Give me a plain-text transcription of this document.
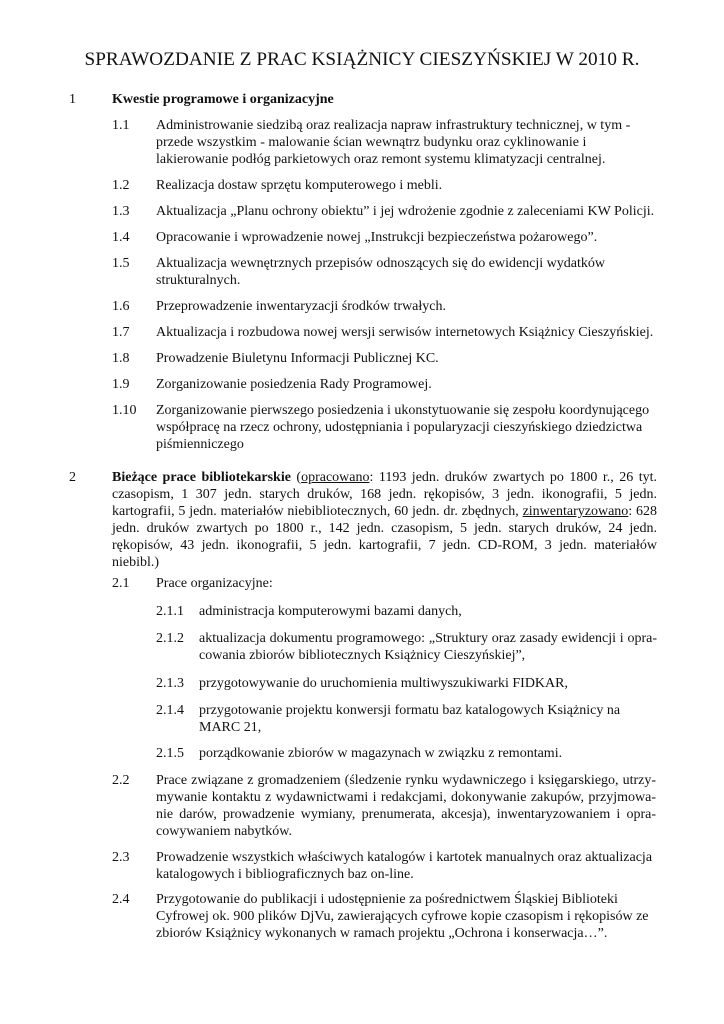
SPRAWOZDANIE Z PRAC KSIĄŻNICY CIESZYŃSKIEJ W 2010 R.
1	Kwestie programowe i organizacyjne
1.1 Administrowanie siedzibą oraz realizacja napraw infrastruktury technicznej, w tym - przede wszystkim - malowanie ścian wewnątrz budynku oraz cyklinowanie i lakierowanie podłóg parkietowych oraz remont systemu klimatyzacji centralnej.
1.2 Realizacja dostaw sprzętu komputerowego i mebli.
1.3 Aktualizacja „Planu ochrony obiektu” i jej wdrożenie zgodnie z zaleceniami KW Policji.
1.4 Opracowanie i wprowadzenie nowej „Instrukcji bezpieczeństwa pożarowego”.
1.5 Aktualizacja wewnętrznych przepisów odnoszących się do ewidencji wydatków strukturalnych.
1.6 Przeprowadzenie inwentaryzacji środków trwałych.
1.7 Aktualizacja i rozbudowa nowej wersji serwisów internetowych Książnicy Cieszyńskiej.
1.8 Prowadzenie Biuletynu Informacji Publicznej KC.
1.9 Zorganizowanie posiedzenia Rady Programowej.
1.10 Zorganizowanie pierwszego posiedzenia i ukonstytuowanie się zespołu koordynującego współpracę na rzecz ochrony, udostępniania i popularyzacji cieszyńskiego dziedzictwa piśmienniczego
2	Bieżące prace bibliotekarskie (opracowano: 1193 jedn. druków zwartych po 1800 r., 26 tyt. czasopism, 1 307 jedn. starych druków, 168 jedn. rękopisów, 3 jedn. ikonografii, 5 jedn. kartografii, 5 jedn. materiałów niebibliotecznych, 60 jedn. dr. zbędnych, zinwentaryzowano: 628 jedn. druków zwartych po 1800 r., 142 jedn. czasopism, 5 jedn. starych druków, 24 jedn. rękopisów, 43 jedn. ikonografii, 5 jedn. kartografii, 7 jedn. CD-ROM, 3 jedn. materiałów niebibl.)
2.1 Prace organizacyjne:
2.1.1 administracja komputerowymi bazami danych,
2.1.2 aktualizacja dokumentu programowego: „Struktury oraz zasady ewidencji i opra-cowania zbiorów bibliotecznych Książnicy Cieszyńskiej”,
2.1.3 przygotowywanie do uruchomienia multiwyszukiwarki FIDKAR,
2.1.4 przygotowanie projektu konwersji formatu baz katalogowych Książnicy na MARC 21,
2.1.5 porządkowanie zbiorów w magazynach w związku z remontami.
2.2 Prace związane z gromadzeniem (śledzenie rynku wydawniczego i księgarskiego, utrzy-mywanie kontaktu z wydawnictwami i redakcjami, dokonywanie zakupów, przyjmowa-nie darów, prowadzenie wymiany, prenumerata, akcesja), inwentaryzowaniem i opra-cowywaniem nabytków.
2.3 Prowadzenie wszystkich właściwych katalogów i kartotek manualnych oraz aktualizacja katalogowych i bibliograficznych baz on-line.
2.4 Przygotowanie do publikacji i udostępnienie za pośrednictwem Śląskiej Biblioteki Cyfrowej ok. 900 plików DjVu, zawierających cyfrowe kopie czasopism i rękopisów ze zbiorów Książnicy wykonanych w ramach projektu „Ochrona i konserwacja…”.
